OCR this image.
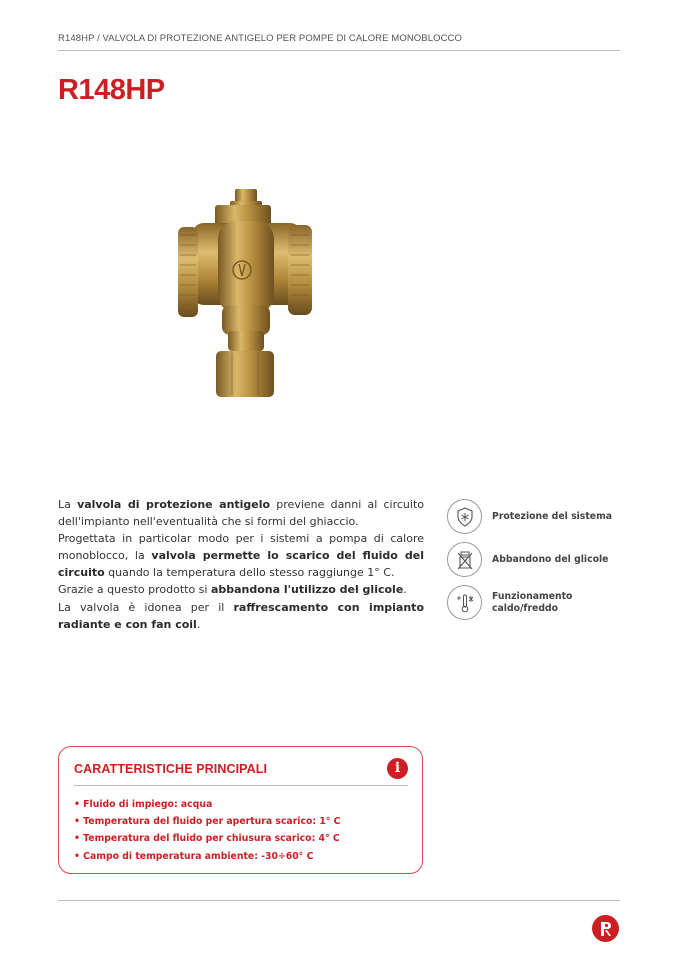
R148HP / VALVOLA DI PROTEZIONE ANTIGELO PER POMPE DI CALORE MONOBLOCCO
R148HP

La valvola di protezione antigelo previene danni al circuito dell'impianto nell'eventualità che si formi del ghiaccio.

Progettata in particolar modo per i sistemi a pompa di calore monoblocco, la valvola permette lo scarico del fluido del circuito quando la temperatura dello stesso raggiunge 1° C.

Grazie a questo prodotto si abbandona l'utilizzo del glicole.

La valvola è idonea per il raffrescamento con impianto radiante e con fan coil.

Protezione del sistema
Abbandono del glicole
Funzionamento
caldo/freddo
CARATTERISTICHE PRINCIPALI	i
• Fluido di impiego: acqua
• Temperatura del fluido per apertura scarico: 1° C
• Temperatura del fluido per chiusura scarico: 4° C
• Campo di temperatura ambiente: -30÷60° C
